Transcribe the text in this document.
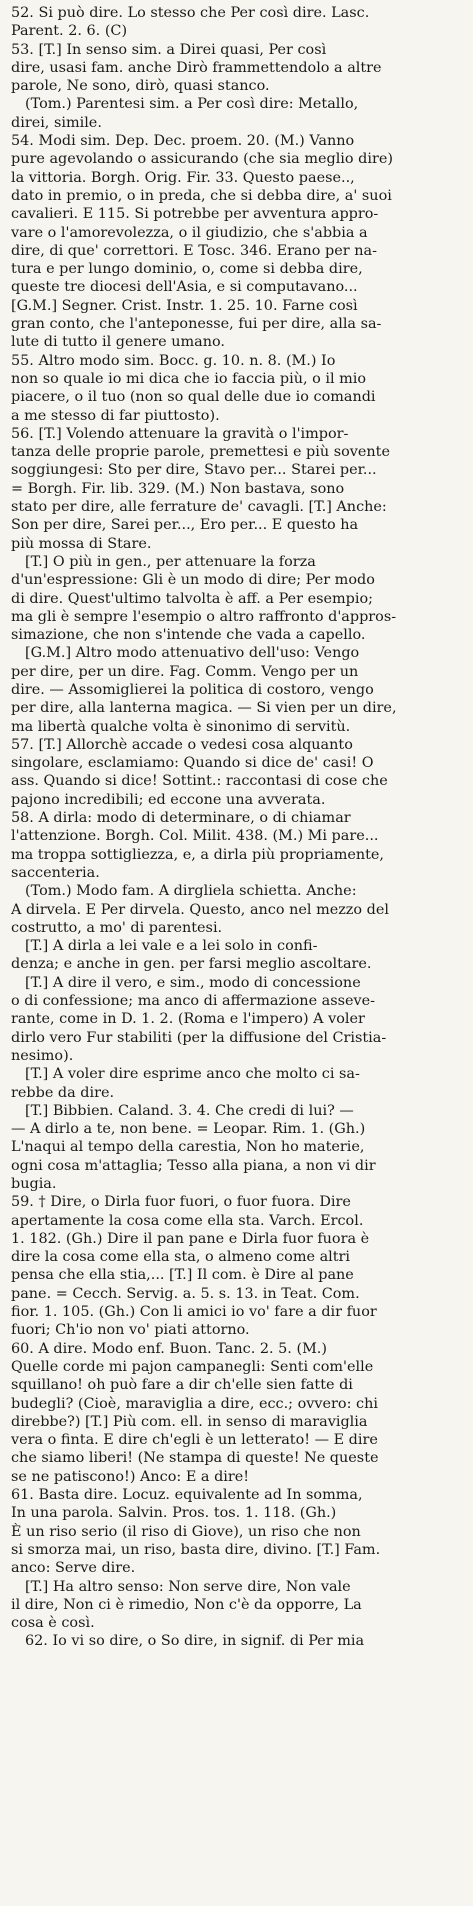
52. Si può dire. Lo stesso che Per così dire. Lasc.
Parent. 2. 6. (C)
53. [T.] In senso sim. a Direi quasi, Per così
dire, usasi fam. anche Dirò frammettendolo a altre
parole, Ne sono, dirò, quasi stanco.
(Tom.) Parentesi sim. a Per così dire: Metallo,
direi, simile.
54. Modi sim. Dep. Dec. proem. 20. (M.) Vanno
pure agevolando o assicurando (che sia meglio dire)
la vittoria. Borgh. Orig. Fir. 33. Questo paese..,
dato in premio, o in preda, che si debba dire, a' suoi
cavalieri. E 115. Si potrebbe per avventura appro-
vare o l'amorevolezza, o il giudizio, che s'abbia a
dire, di que' correttori. E Tosc. 346. Erano per na-
tura e per lungo dominio, o, come si debba dire,
queste tre diocesi dell'Asia, e si computavano...
[G.M.] Segner. Crist. Instr. 1. 25. 10. Farne così
gran conto, che l'anteponesse, fui per dire, alla sa-
lute di tutto il genere umano.
55. Altro modo sim. Bocc. g. 10. n. 8. (M.) Io
non so quale io mi dica che io faccia più, o il mio
piacere, o il tuo (non so qual delle due io comandi
a me stesso di far piuttosto).
56. [T.] Volendo attenuare la gravità o l'impor-
tanza delle proprie parole, premettesi e più sovente
soggiungesi: Sto per dire, Stavo per... Starei per...
= Borgh. Fir. lib. 329. (M.) Non bastava, sono
stato per dire, alle ferrature de' cavagli. [T.] Anche:
Son per dire, Sarei per..., Ero per... E questo ha
più mossa di Stare.
[T.] O più in gen., per attenuare la forza
d'un'espressione: Gli è un modo di dire; Per modo
di dire. Quest'ultimo talvolta è aff. a Per esempio;
ma gli è sempre l'esempio o altro raffronto d'appros-
simazione, che non s'intende che vada a capello.
[G.M.] Altro modo attenuativo dell'uso: Vengo
per dire, per un dire. Fag. Comm. Vengo per un
dire. — Assomiglierei la politica di costoro, vengo
per dire, alla lanterna magica. — Si vien per un dire,
ma libertà qualche volta è sinonimo di servitù.
57. [T.] Allorchè accade o vedesi cosa alquanto
singolare, esclamiamo: Quando si dice de' casi! O
ass. Quando si dice! Sottint.: raccontasi di cose che
pajono incredibili; ed eccone una avverata.
58. A dirla: modo di determinare, o di chiamar
l'attenzione. Borgh. Col. Milit. 438. (M.) Mi pare...
ma troppa sottigliezza, e, a dirla più propriamente,
saccenteria.
(Tom.) Modo fam. A dirgliela schietta. Anche:
A dirvela. E Per dirvela. Questo, anco nel mezzo del
costrutto, a mo' di parentesi.
[T.] A dirla a lei vale e a lei solo in confi-
denza; e anche in gen. per farsi meglio ascoltare.
[T.] A dire il vero, e sim., modo di concessione
o di confessione; ma anco di affermazione asseve-
rante, come in D. 1. 2. (Roma e l'impero) A voler
dirlo vero Fur stabiliti (per la diffusione del Cristia-
nesimo).
[T.] A voler dire esprime anco che molto ci sa-
rebbe da dire.
[T.] Bibbien. Caland. 3. 4. Che credi di lui? —
— A dirlo a te, non bene. = Leopar. Rim. 1. (Gh.)
L'naqui al tempo della carestia, Non ho materie,
ogni cosa m'attaglia; Tesso alla piana, a non vi dir
bugia.
59. † Dire, o Dirla fuor fuori, o fuor fuora. Dire
apertamente la cosa come ella sta. Varch. Ercol.
1. 182. (Gh.) Dire il pan pane e Dirla fuor fuora è
dire la cosa come ella sta, o almeno come altri
pensa che ella stia,... [T.] Il com. è Dire al pane
pane. = Cecch. Servig. a. 5. s. 13. in Teat. Com.
fior. 1. 105. (Gh.) Con li amici io vo' fare a dir fuor
fuori; Ch'io non vo' piati attorno.
60. A dire. Modo enf. Buon. Tanc. 2. 5. (M.)
Quelle corde mi pajon campanegli: Senti com'elle
squillano! oh può fare a dir ch'elle sien fatte di
budegli? (Cioè, maraviglia a dire, ecc.; ovvero: chi
direbbe?) [T.] Più com. ell. in senso di maraviglia
vera o finta. E dire ch'egli è un letterato! — E dire
che siamo liberi! (Ne stampa di queste! Ne queste
se ne patiscono!) Anco: E a dire!
61. Basta dire. Locuz. equivalente ad In somma,
In una parola. Salvin. Pros. tos. 1. 118. (Gh.)
È un riso serio (il riso di Giove), un riso che non
si smorza mai, un riso, basta dire, divino. [T.] Fam.
anco: Serve dire.
[T.] Ha altro senso: Non serve dire, Non vale
il dire, Non ci è rimedio, Non c'è da opporre, La
cosa è così.
62. Io vi so dire, o So dire, in signif. di Per mia
